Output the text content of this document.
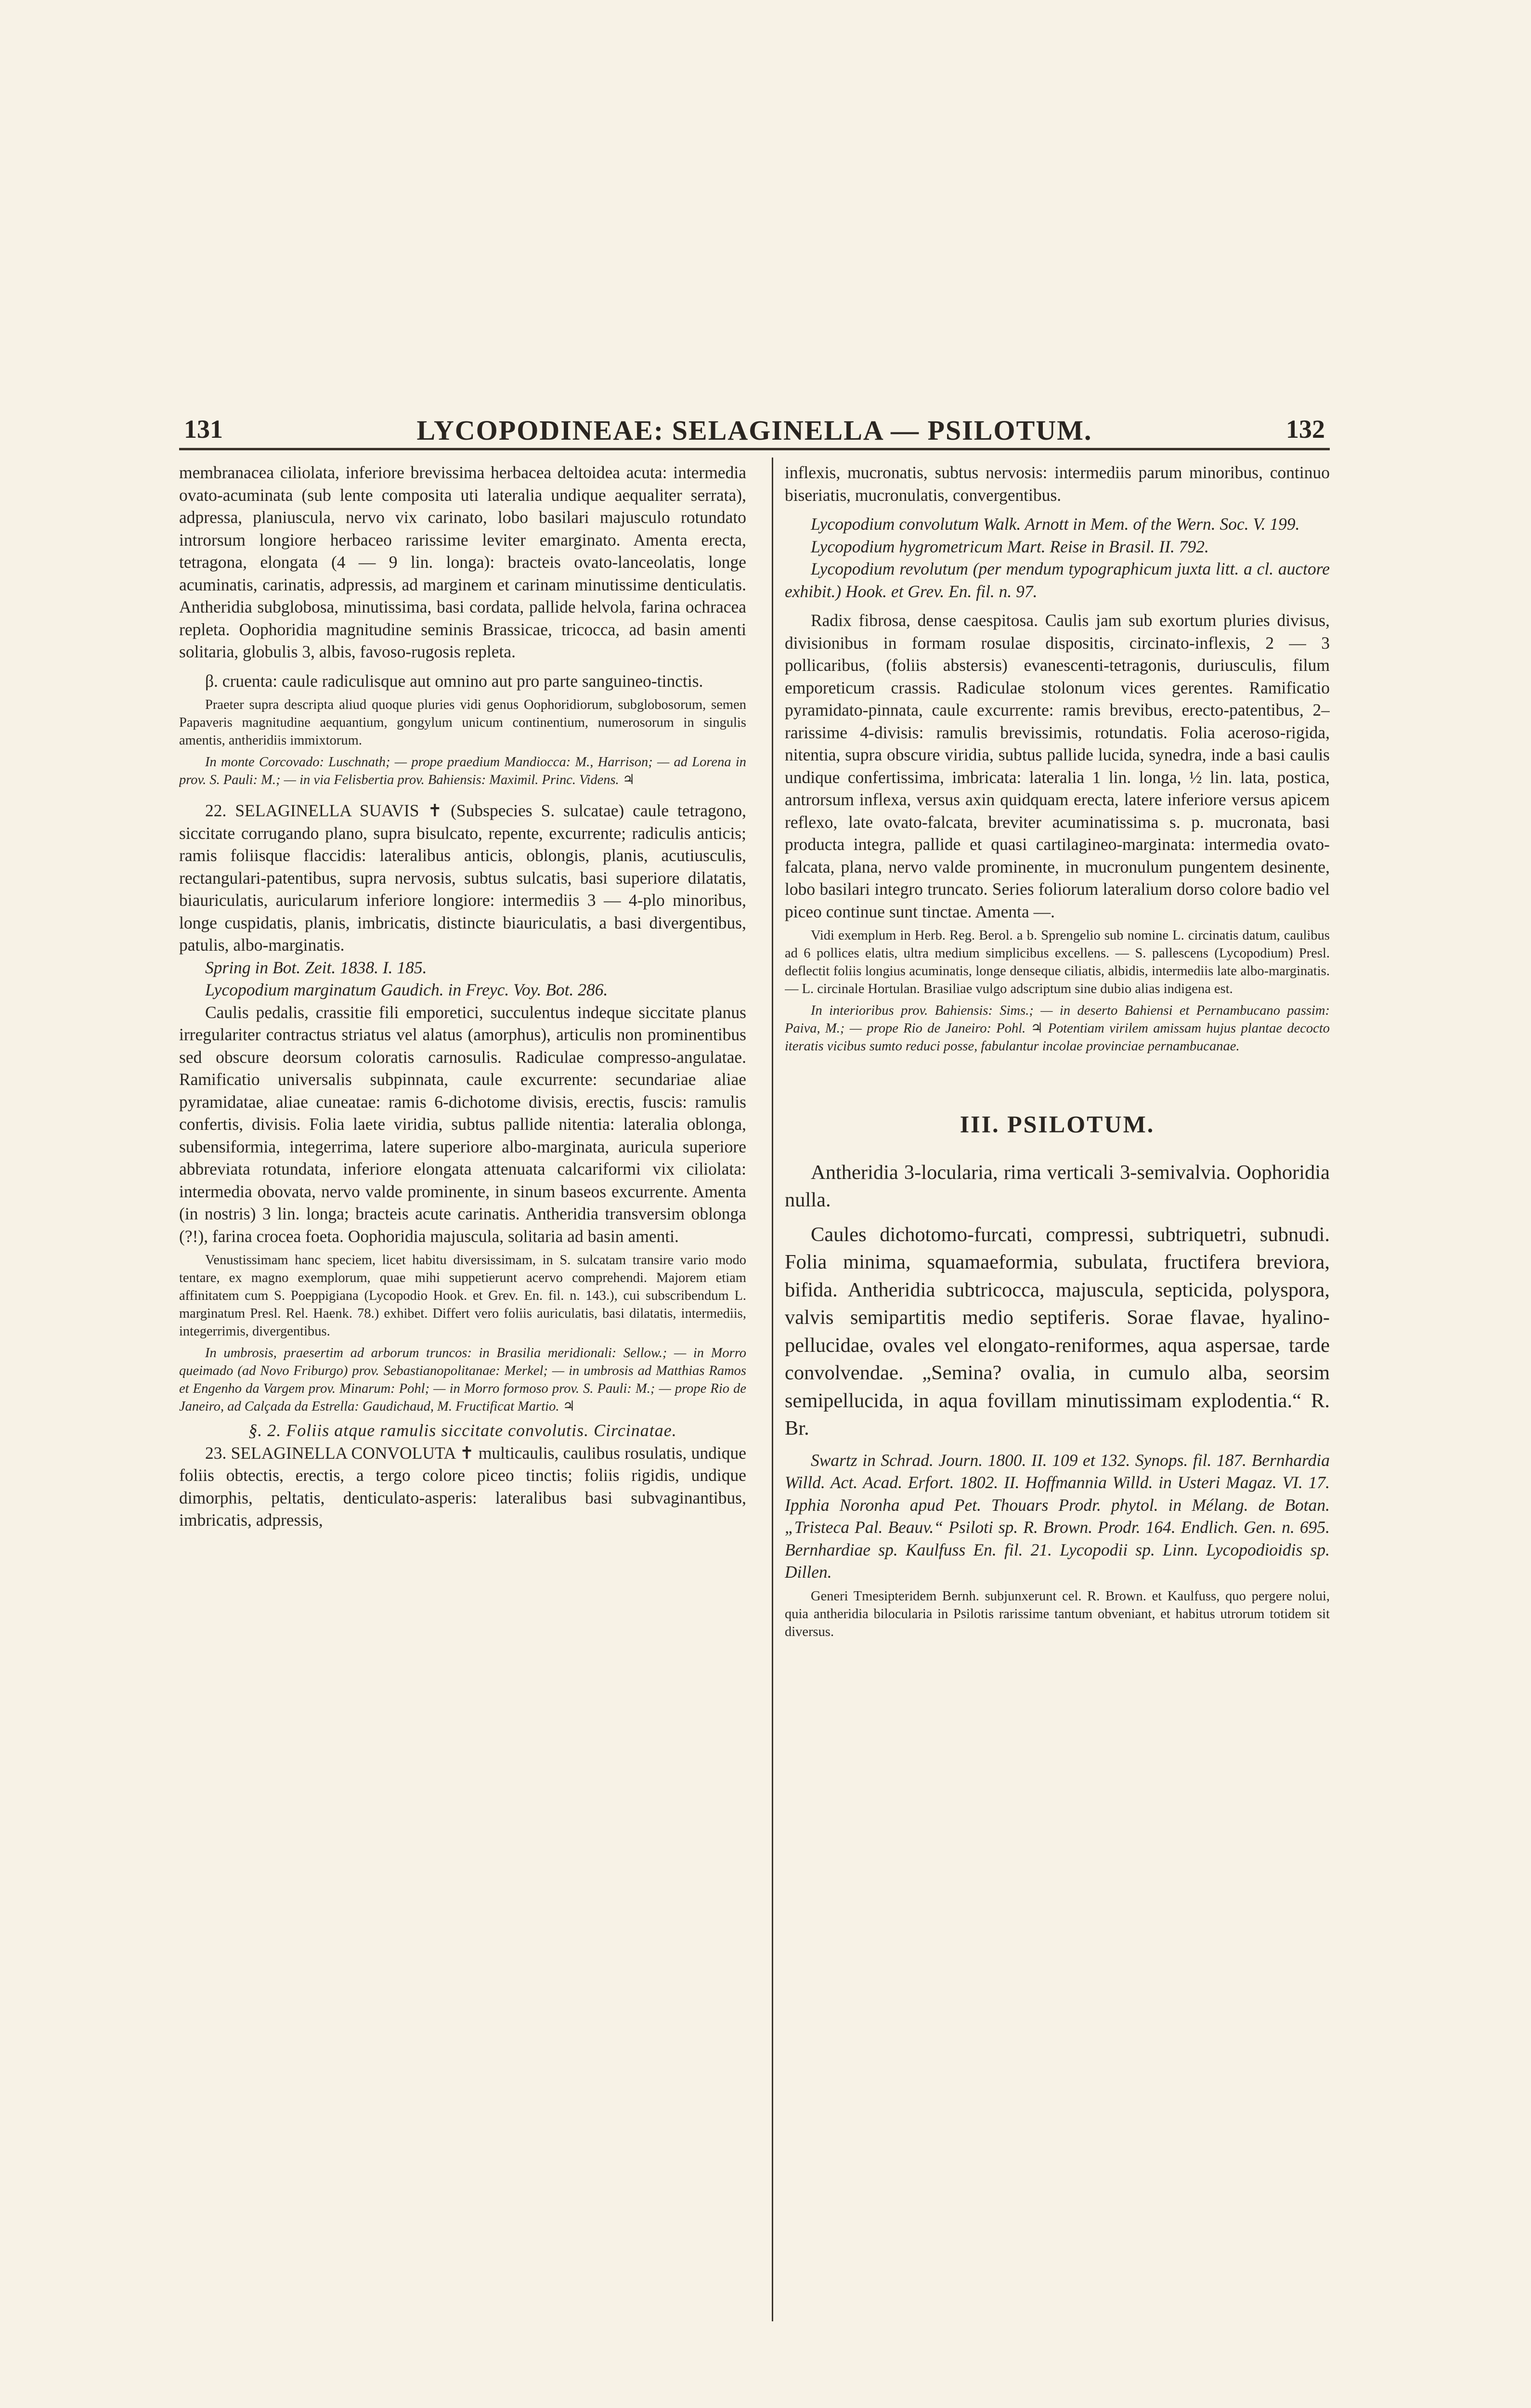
131	LYCOPODINEAE: SELAGINELLA — PSILOTUM.	132

membranacea ciliolata, inferiore brevissima herbacea deltoidea acuta: intermedia ovato-acuminata (sub lente composita uti lateralia undique aequaliter serrata), adpressa, planiuscula, nervo vix carinato, lobo basilari majusculo rotundato introrsum longiore herbaceo rarissime leviter emarginato. Amenta erecta, tetragona, elongata (4 — 9 lin. longa): bracteis ovato-lanceolatis, longe acuminatis, carinatis, adpressis, ad marginem et carinam minutissime denticulatis. Antheridia subglobosa, minutissima, basi cordata, pallide helvola, farina ochracea repleta. Oophoridia magnitudine seminis Brassicae, tricocca, ad basin amenti solitaria, globulis 3, albis, favoso-rugosis repleta.

β. cruenta: caule radiculisque aut omnino aut pro parte sanguineo-tinctis.

Praeter supra descripta aliud quoque pluries vidi genus Oophoridiorum, subglobosorum, semen Papaveris magnitudine aequantium, gongylum unicum continentium, numerosorum in singulis amentis, antheridiis immixtorum.

In monte Corcovado: Luschnath; — prope praedium Mandiocca: M., Harrison; — ad Lorena in prov. S. Pauli: M.; — in via Felisbertia prov. Bahiensis: Maximil. Princ. Videns. ♃

22. SELAGINELLA SUAVIS ✝ (Subspecies S. sulcatae) caule tetragono, siccitate corrugando plano, supra bisulcato, repente, excurrente; radiculis anticis; ramis foliisque flaccidis: lateralibus anticis, oblongis, planis, acutiusculis, rectangulari-patentibus, supra nervosis, subtus sulcatis, basi superiore dilatatis, biauriculatis, auricularum inferiore longiore: intermediis 3 — 4-plo minoribus, longe cuspidatis, planis, imbricatis, distincte biauriculatis, a basi divergentibus, patulis, albo-marginatis.

Spring in Bot. Zeit. 1838. I. 185.

Lycopodium marginatum Gaudich. in Freyc. Voy. Bot. 286.

Caulis pedalis, crassitie fili emporetici, succulentus indeque siccitate planus irregulariter contractus striatus vel alatus (amorphus), articulis non prominentibus sed obscure deorsum coloratis carnosulis. Radiculae compresso-angulatae. Ramificatio universalis subpinnata, caule excurrente: secundariae aliae pyramidatae, aliae cuneatae: ramis 6-dichotome divisis, erectis, fuscis: ramulis confertis, divisis. Folia laete viridia, subtus pallide nitentia: lateralia oblonga, subensiformia, integerrima, latere superiore albo-marginata, auricula superiore abbreviata rotundata, inferiore elongata attenuata calcariformi vix ciliolata: intermedia obovata, nervo valde prominente, in sinum baseos excurrente. Amenta (in nostris) 3 lin. longa; bracteis acute carinatis. Antheridia transversim oblonga (?!), farina crocea foeta. Oophoridia majuscula, solitaria ad basin amenti.

Venustissimam hanc speciem, licet habitu diversissimam, in S. sulcatam transire vario modo tentare, ex magno exemplorum, quae mihi suppetierunt acervo comprehendi. Majorem etiam affinitatem cum S. Poeppigiana (Lycopodio Hook. et Grev. En. fil. n. 143.), cui subscribendum L. marginatum Presl. Rel. Haenk. 78.) exhibet. Differt vero foliis auriculatis, basi dilatatis, intermediis, integerrimis, divergentibus.

In umbrosis, praesertim ad arborum truncos: in Brasilia meridionali: Sellow.; — in Morro queimado (ad Novo Friburgo) prov. Sebastianopolitanae: Merkel; — in umbrosis ad Matthias Ramos et Engenho da Vargem prov. Minarum: Pohl; — in Morro formoso prov. S. Pauli: M.; — prope Rio de Janeiro, ad Calçada da Estrella: Gaudichaud, M. Fructificat Martio. ♃

§. 2. Foliis atque ramulis siccitate convolutis. Circinatae.

23. SELAGINELLA CONVOLUTA ✝ multicaulis, caulibus rosulatis, undique foliis obtectis, erectis, a tergo colore piceo tinctis; foliis rigidis, undique dimorphis, peltatis, denticulato-asperis: lateralibus basi subvaginantibus, imbricatis, adpressis,

inflexis, mucronatis, subtus nervosis: intermediis parum minoribus, continuo biseriatis, mucronulatis, convergentibus.

Lycopodium convolutum Walk. Arnott in Mem. of the Wern. Soc. V. 199.

Lycopodium hygrometricum Mart. Reise in Brasil. II. 792.

Lycopodium revolutum (per mendum typographicum juxta litt. a cl. auctore exhibit.) Hook. et Grev. En. fil. n. 97.

Radix fibrosa, dense caespitosa. Caulis jam sub exortum pluries divisus, divisionibus in formam rosulae dispositis, circinato-inflexis, 2 — 3 pollicaribus, (foliis abstersis) evanescenti-tetragonis, duriusculis, filum emporeticum crassis. Radiculae stolonum vices gerentes. Ramificatio pyramidato-pinnata, caule excurrente: ramis brevibus, erecto-patentibus, 2– rarissime 4-divisis: ramulis brevissimis, rotundatis. Folia aceroso-rigida, nitentia, supra obscure viridia, subtus pallide lucida, synedra, inde a basi caulis undique confertissima, imbricata: lateralia 1 lin. longa, ½ lin. lata, postica, antrorsum inflexa, versus axin quidquam erecta, latere inferiore versus apicem reflexo, late ovato-falcata, breviter acuminatissima s. p. mucronata, basi producta integra, pallide et quasi cartilagineo-marginata: intermedia ovato-falcata, plana, nervo valde prominente, in mucronulum pungentem desinente, lobo basilari integro truncato. Series foliorum lateralium dorso colore badio vel piceo continue sunt tinctae. Amenta —.

Vidi exemplum in Herb. Reg. Berol. a b. Sprengelio sub nomine L. circinatis datum, caulibus ad 6 pollices elatis, ultra medium simplicibus excellens. — S. pallescens (Lycopodium) Presl. deflectit foliis longius acuminatis, longe denseque ciliatis, albidis, intermediis late albo-marginatis. — L. circinale Hortulan. Brasiliae vulgo adscriptum sine dubio alias indigena est.

In interioribus prov. Bahiensis: Sims.; — in deserto Bahiensi et Pernambucano passim: Paiva, M.; — prope Rio de Janeiro: Pohl. ♃ Potentiam virilem amissam hujus plantae decocto iteratis vicibus sumto reduci posse, fabulantur incolae provinciae pernambucanae.

III. PSILOTUM.

Antheridia 3-locularia, rima verticali 3-semivalvia. Oophoridia nulla.

Caules dichotomo-furcati, compressi, subtriquetri, subnudi. Folia minima, squamaeformia, subulata, fructifera breviora, bifida. Antheridia subtricocca, majuscula, septicida, polyspora, valvis semipartitis medio septiferis. Sorae flavae, hyalino-pellucidae, ovales vel elongato-reniformes, aqua aspersae, tarde convolvendae. „Semina? ovalia, in cumulo alba, seorsim semipellucida, in aqua fovillam minutissimam explodentia.“ R. Br.

Swartz in Schrad. Journ. 1800. II. 109 et 132. Synops. fil. 187. Bernhardia Willd. Act. Acad. Erfort. 1802. II. Hoffmannia Willd. in Usteri Magaz. VI. 17. Ipphia Noronha apud Pet. Thouars Prodr. phytol. in Mélang. de Botan. „Tristeca Pal. Beauv.“ Psiloti sp. R. Brown. Prodr. 164. Endlich. Gen. n. 695. Bernhardiae sp. Kaulfuss En. fil. 21. Lycopodii sp. Linn. Lycopodioidis sp. Dillen.

Generi Tmesipteridem Bernh. subjunxerunt cel. R. Brown. et Kaulfuss, quo pergere nolui, quia antheridia bilocularia in Psilotis rarissime tantum obveniant, et habitus utrorum totidem sit diversus.
